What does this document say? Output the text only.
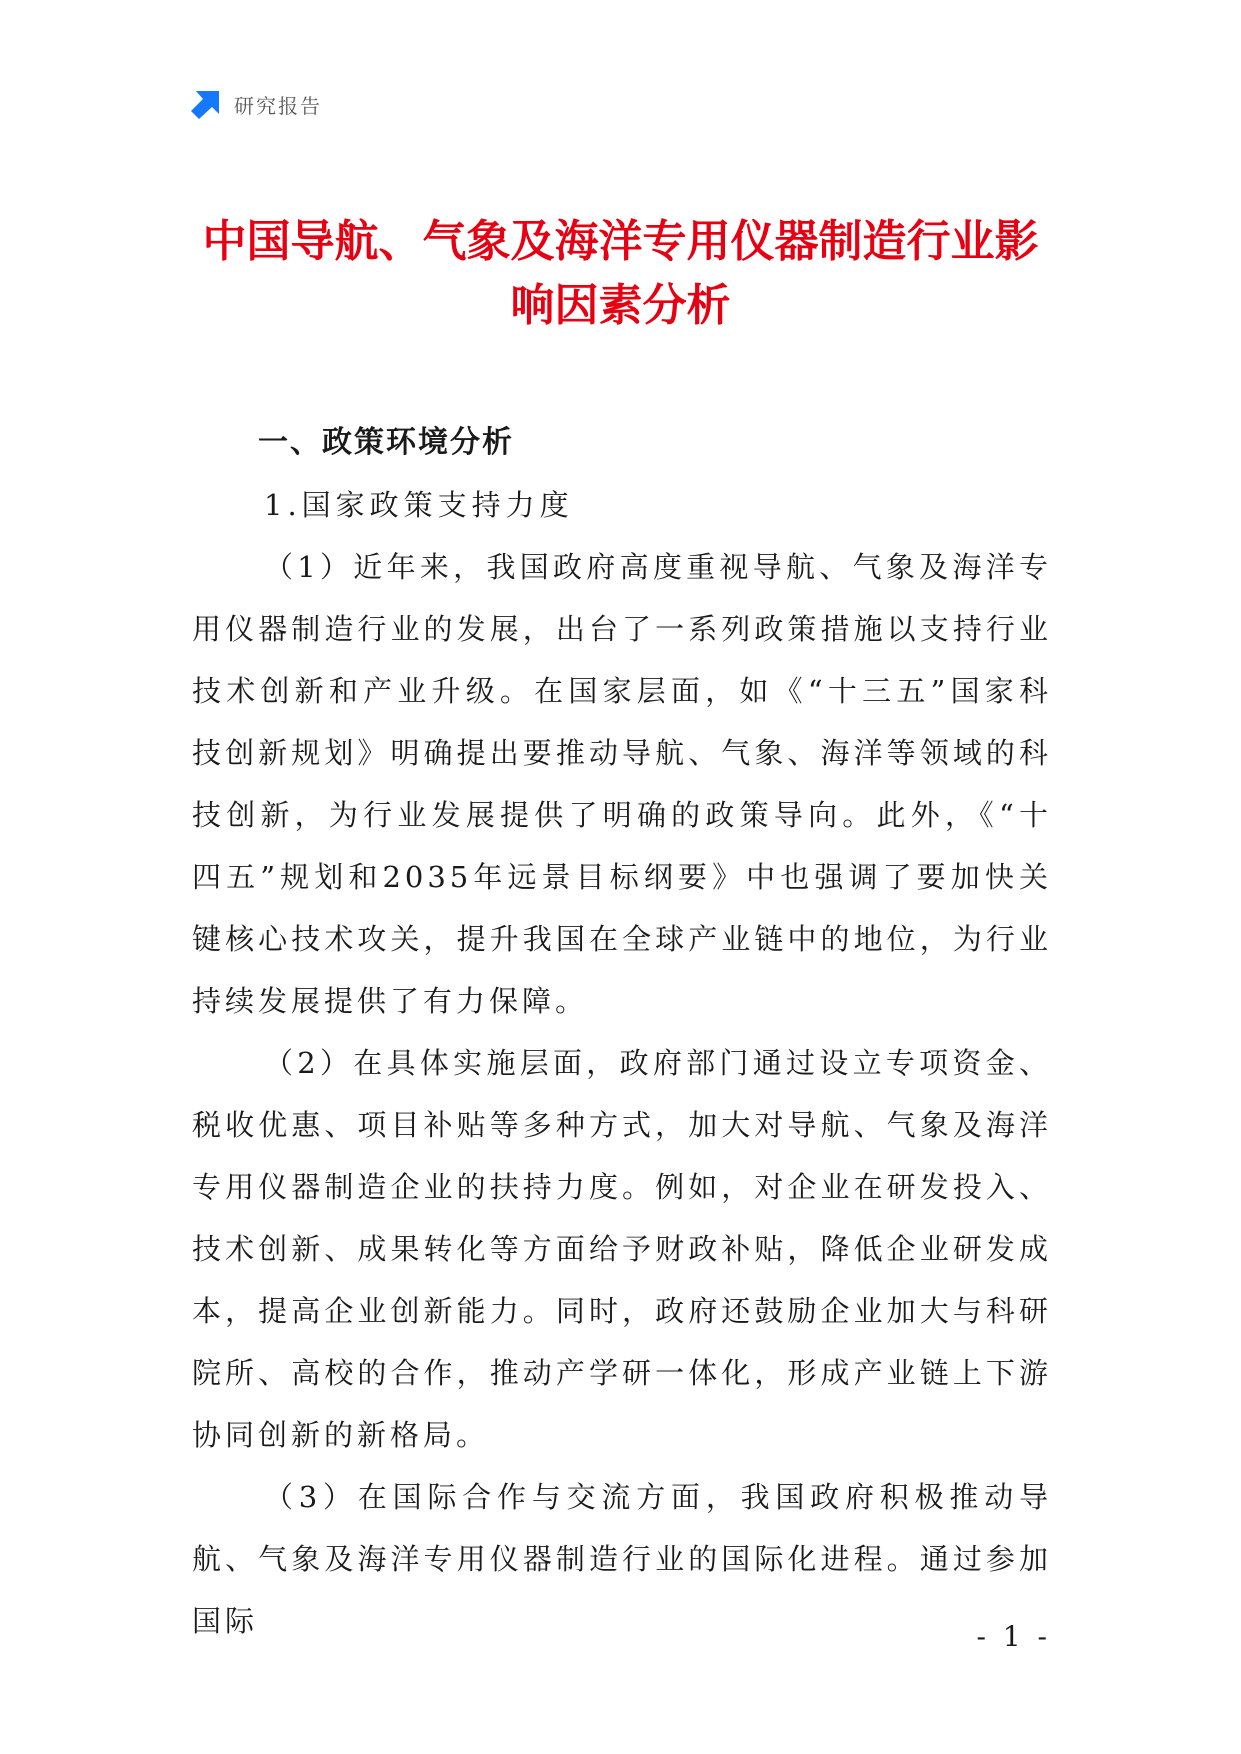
研究报告
中国导航、气象及海洋专用仪器制造行业影
响因素分析
一、政策环境分析
1.国家政策支持力度

（1）近年来，我国政府高度重视导航、气象及海洋专用仪器制造行业的发展，出台了一系列政策措施以支持行业技术创新和产业升级。在国家层面，如《“十三五”国家科技创新规划》明确提出要推动导航、气象、海洋等领域的科技创新，为行业发展提供了明确的政策导向。此外，《“十四五”规划和2035年远景目标纲要》中也强调了要加快关键核心技术攻关，提升我国在全球产业链中的地位，为行业持续发展提供了有力保障。

（2）在具体实施层面，政府部门通过设立专项资金、税收优惠、项目补贴等多种方式，加大对导航、气象及海洋专用仪器制造企业的扶持力度。例如，对企业在研发投入、技术创新、成果转化等方面给予财政补贴，降低企业研发成本，提高企业创新能力。同时，政府还鼓励企业加大与科研院所、高校的合作，推动产学研一体化，形成产业链上下游协同创新的新格局。

（3）在国际合作与交流方面，我国政府积极推动导航、气象及海洋专用仪器制造行业的国际化进程。通过参加国际	- 1 -
